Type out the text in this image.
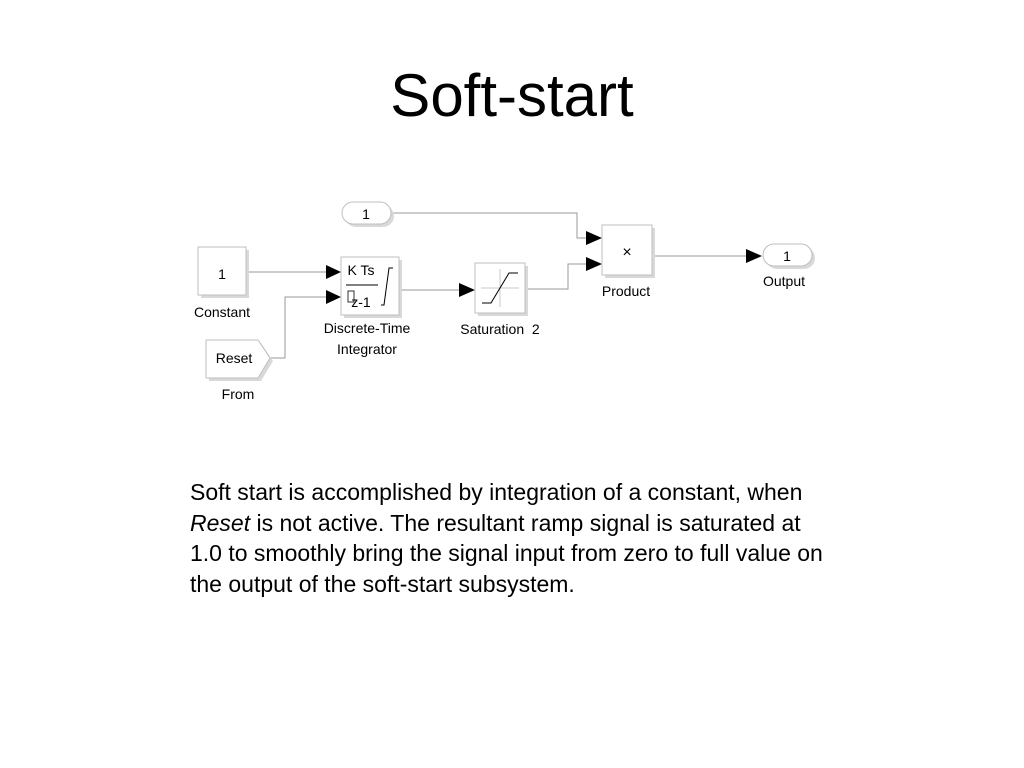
Soft-start
1
Constant
Reset
From
K Ts
z-1
Discrete-Time
Integrator
Saturation  2
×
Product
1
1
Output

Soft start is accomplished by integration of a constant, when Reset is not active. The resultant ramp signal is saturated at 1.0 to smoothly bring the signal input from zero to full value on the output of the soft-start subsystem.
